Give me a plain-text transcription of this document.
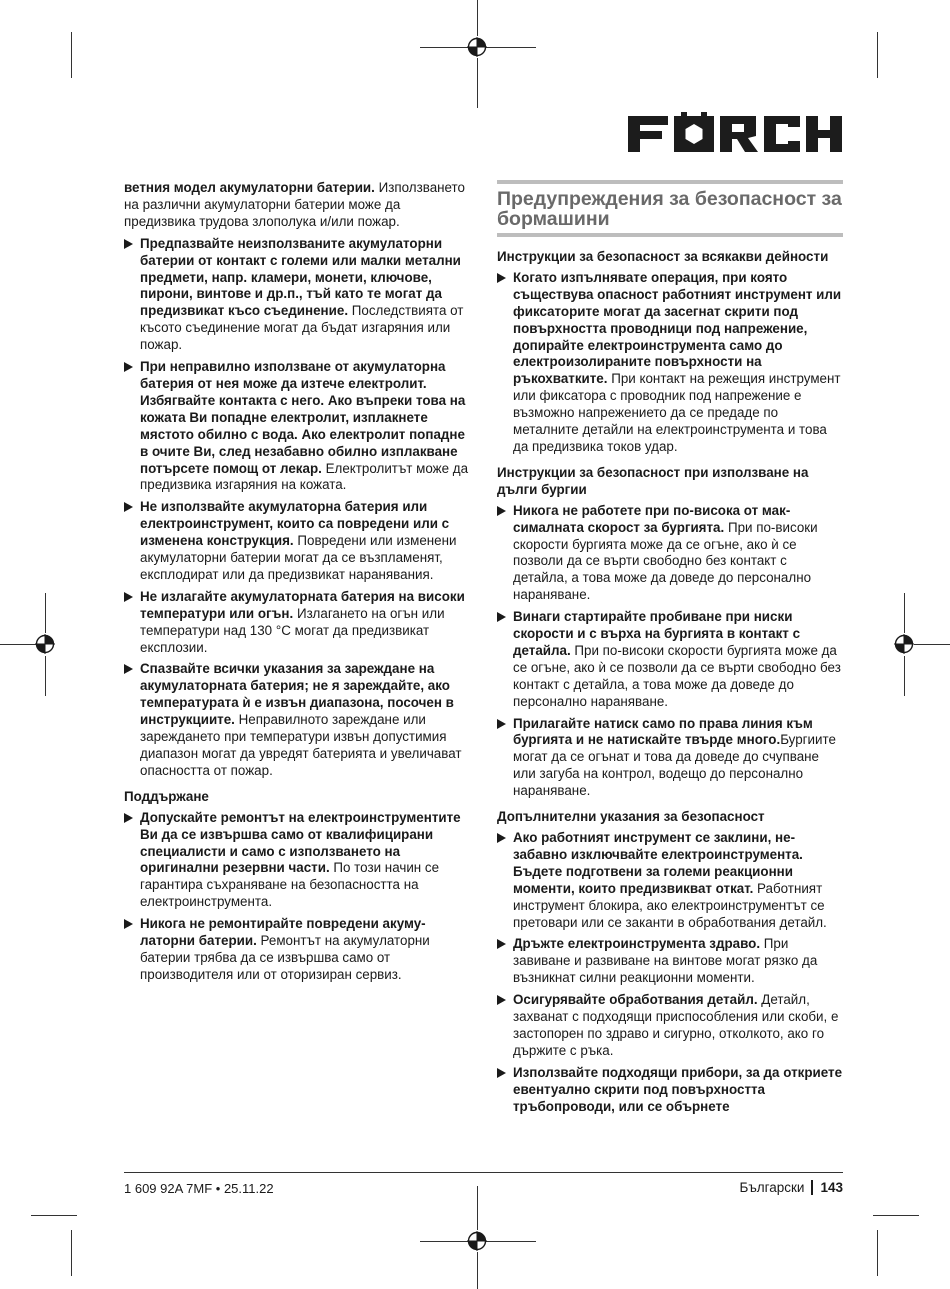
ветния модел акумулаторни батерии. Използването на различни акумулаторни батерии може да предизвика трудова злополука и/или пожар.

Предпазвайте неизползваните акумулаторни батерии от контакт с големи или малки метални предмети, напр. кламери, монети, ключове, пирони, винтове и др.п., тъй като те могат да предизвикат късо съединение. Последствията от късото съединение могат да бъдат изгаряния или пожар.
При неправилно използване от акумулаторна батерия от нея може да изтече електролит. Избягвайте контакта с него. Ако въпреки това на кожата Ви попадне електролит, изплакнете мястото обилно с вода. Ако електролит попадне в очите Ви, след незабавно обилно изплакване потърсете помощ от лекар. Електролитът може да предизвика изгаряния на кожата.
Не използвайте акумулаторна батерия или електроинструмент, които са повредени или с изменена конструкция. Повредени или изменени акумулаторни батерии могат да се възпламенят, експлодират или да предизвикат наранявания.
Не излагайте акумулаторната батерия на високи температури или огън. Излагането на огън или температури над 130 °C могат да предизвикат експлозии.
Спазвайте всички указания за зареждане на акумулаторната батерия; не я зареждайте, ако температурата ѝ е извън диапазона, посочен в инструкциите. Неправилното зареждане или зареждането при температури извън допустимия диапазон могат да увредят батерията и увеличават опасността от пожар.
Поддържане
Допускайте ремонтът на електроинструментите Ви да се извършва само от квалифицирани специалисти и само с използването на оригинални резервни части. По този начин се гарантира съхраняване на безопасността на електроинструмента.
Никога не ремонтирайте повредени акумулаторни батерии. Ремонтът на акумулаторни батерии трябва да се извършва само от производителя или от оторизиран сервиз.
Предупреждения за безопасност за бормашини
Инструкции за безопасност за всякакви дейности
Когато изпълнявате операция, при която съществува опасност работният инструмент или фиксаторите могат да засегнат скрити под повърхността проводници под напрежение, допирайте електроинструмента само до електроизолираните повърхности на ръкохватките. При контакт на режещия инструмент или фиксатора с проводник под напрежение е възможно напрежението да се предаде по металните детайли на електроинструмента и това да предизвика токов удар.
Инструкции за безопасност при използване на дълги бургии
Никога не работете при по-висока от максималната скорост за бургията. При по-високи скорости бургията може да се огъне, ако ѝ се позволи да се върти свободно без контакт с детайла, а това може да доведе до персонално нараняване.
Винаги стартирайте пробиване при ниски скорости и с върха на бургията в контакт с детайла. При по-високи скорости бургията може да се огъне, ако ѝ се позволи да се върти свободно без контакт с детайла, а това може да доведе до персонално нараняване.
Прилагайте натиск само по права линия към бургията и не натискайте твърде много.Бургиите могат да се огънат и това да доведе до счупване или загуба на контрол, водещо до персонално нараняване.
Допълнителни указания за безопасност
Ако работният инструмент се заклини, незабавно изключвайте електроинструмента. Бъдете подготвени за големи реакционни моменти, които предизвикват откат. Работният инструмент блокира, ако електроинструментът се претовари или се заканти в обработвания детайл.
Дръжте електроинструмента здраво. При завиване и развиване на винтове могат рязко да възникнат силни реакционни моменти.
Осигурявайте обработвания детайл. Детайл, захванат с подходящи приспособления или скоби, е застопорен по здраво и сигурно, отколкото, ако го държите с ръка.
Използвайте подходящи прибори, за да откриете евентуално скрити под повърхността тръбопроводи, или се обърнете
1 609 92A 7MF • 25.11.22	Български 143
